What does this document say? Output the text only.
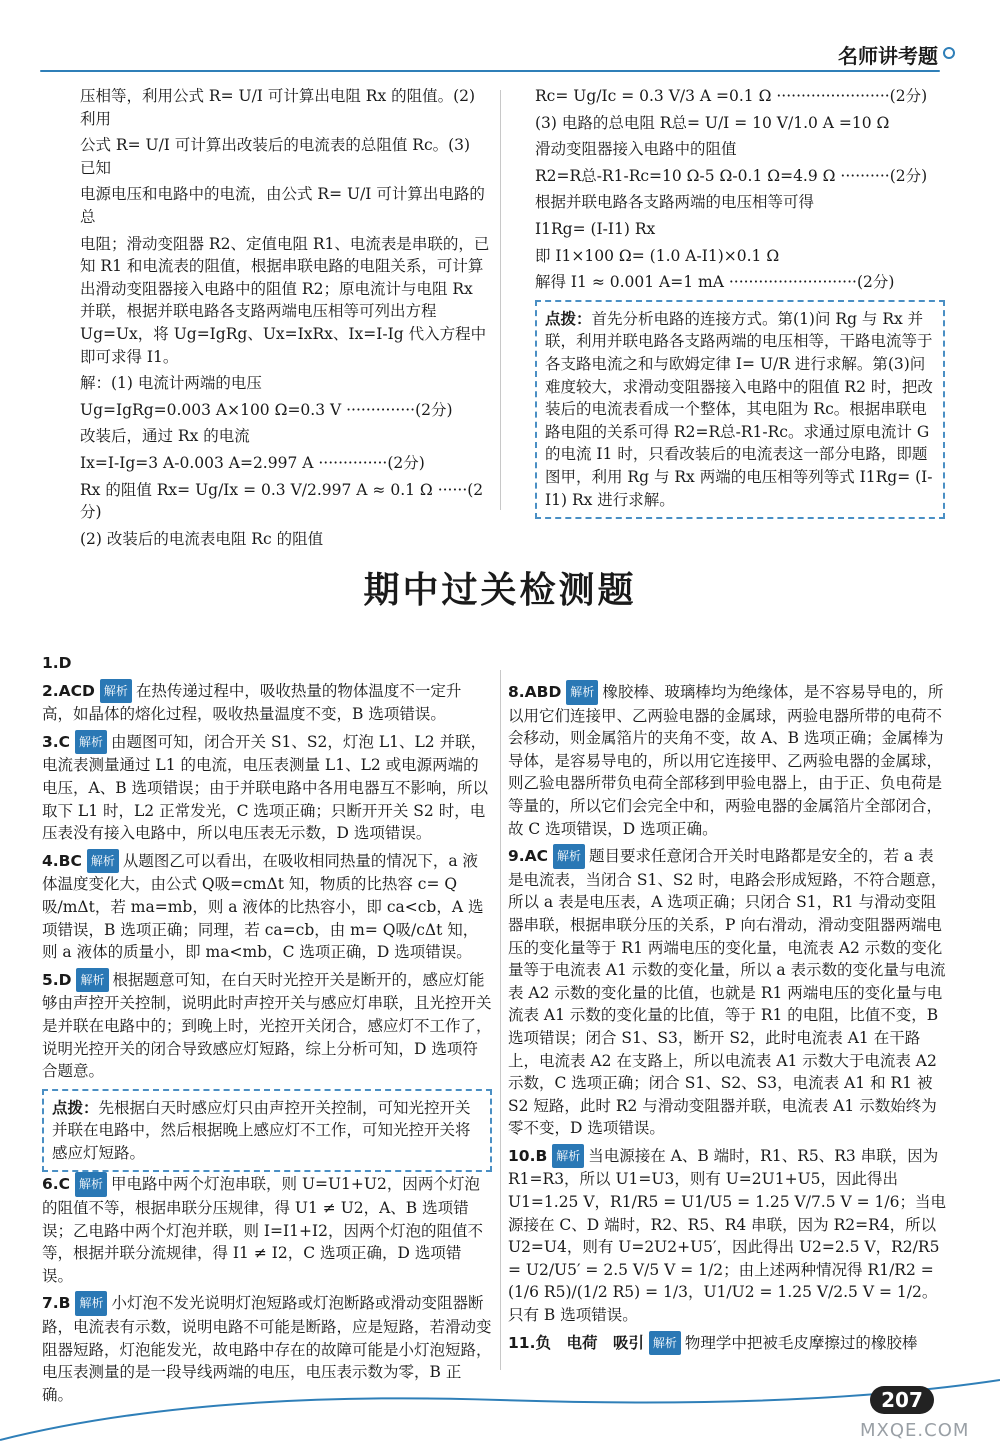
名师讲考题

压相等，利用公式 R= U/I 可计算出电阻 Rx 的阻值。(2) 利用

公式 R= U/I 可计算出改装后的电流表的总阻值 Rc。(3) 已知

电源电压和电路中的电流，由公式 R= U/I 可计算出电路的总

电阻；滑动变阻器 R2、定值电阻 R1、电流表是串联的，已知 R1 和电流表的阻值，根据串联电路的电阻关系，可计算出滑动变阻器接入电路中的阻值 R2；原电流计与电阻 Rx 并联，根据并联电路各支路两端电压相等可列出方程 Ug=Ux，将 Ug=IgRg、Ux=IxRx、Ix=I-Ig 代入方程中即可求得 I1。

解：(1) 电流计两端的电压

Ug=IgRg=0.003 A×100 Ω=0.3 V ··············(2分)

改装后，通过 Rx 的电流

Ix=I-Ig=3 A-0.003 A=2.997 A ··············(2分)

Rx 的阻值 Rx= Ug/Ix = 0.3 V/2.997 A ≈ 0.1 Ω ······(2分)

(2) 改装后的电流表电阻 Rc 的阻值

Rc= Ug/Ic = 0.3 V/3 A =0.1 Ω ·······················(2分)

(3) 电路的总电阻 R总= U/I = 10 V/1.0 A =10 Ω

滑动变阻器接入电路中的阻值

R2=R总-R1-Rc=10 Ω-5 Ω-0.1 Ω=4.9 Ω ··········(2分)

根据并联电路各支路两端的电压相等可得

I1Rg= (I-I1) Rx

即 I1×100 Ω= (1.0 A-I1)×0.1 Ω

解得 I1 ≈ 0.001 A=1 mA ··························(2分)

点拨：首先分析电路的连接方式。第(1)问 Rg 与 Rx 并联，利用并联电路各支路两端的电压相等，干路电流等于各支路电流之和与欧姆定律 I= U/R 进行求解。第(3)问难度较大，求滑动变阻器接入电路中的阻值 R2 时，把改装后的电流表看成一个整体，其电阻为 Rc。根据串联电路电阻的关系可得 R2=R总-R1-Rc。求通过原电流计 G 的电流 I1 时，只看改装后的电流表这一部分电路，即题图甲，利用 Rg 与 Rx 两端的电压相等列等式 I1Rg= (I-I1) Rx 进行求解。
期中过关检测题

1.D

2.ACD 解析 在热传递过程中，吸收热量的物体温度不一定升高，如晶体的熔化过程，吸收热量温度不变，B 选项错误。

3.C 解析 由题图可知，闭合开关 S1、S2，灯泡 L1、L2 并联，电流表测量通过 L1 的电流，电压表测量 L1、L2 或电源两端的电压，A、B 选项错误；由于并联电路中各用电器互不影响，所以取下 L1 时，L2 正常发光，C 选项正确；只断开开关 S2 时，电压表没有接入电路中，所以电压表无示数，D 选项错误。

4.BC 解析 从题图乙可以看出，在吸收相同热量的情况下，a 液体温度变化大，由公式 Q吸=cmΔt 知，物质的比热容 c= Q吸/mΔt，若 ma=mb，则 a 液体的比热容小，即 ca<cb，A 选项错误，B 选项正确；同理，若 ca=cb，由 m= Q吸/cΔt 知，则 a 液体的质量小，即 ma<mb，C 选项正确，D 选项错误。

5.D 解析 根据题意可知，在白天时光控开关是断开的，感应灯能够由声控开关控制，说明此时声控开关与感应灯串联，且光控开关是并联在电路中的；到晚上时，光控开关闭合，感应灯不工作了，说明光控开关的闭合导致感应灯短路，综上分析可知，D 选项符合题意。

点拨：先根据白天时感应灯只由声控开关控制，可知光控开关并联在电路中，然后根据晚上感应灯不工作，可知光控开关将感应灯短路。

6.C 解析 甲电路中两个灯泡串联，则 U=U1+U2，因两个灯泡的阻值不等，根据串联分压规律，得 U1 ≠ U2，A、B 选项错误；乙电路中两个灯泡并联，则 I=I1+I2，因两个灯泡的阻值不等，根据并联分流规律，得 I1 ≠ I2，C 选项正确，D 选项错误。

7.B 解析 小灯泡不发光说明灯泡短路或灯泡断路或滑动变阻器断路，电流表有示数，说明电路不可能是断路，应是短路，若滑动变阻器短路，灯泡能发光，故电路中存在的故障可能是小灯泡短路，电压表测量的是一段导线两端的电压，电压表示数为零，B 正确。

8.ABD 解析 橡胶棒、玻璃棒均为绝缘体，是不容易导电的，所以用它们连接甲、乙两验电器的金属球，两验电器所带的电荷不会移动，则金属箔片的夹角不变，故 A、B 选项正确；金属棒为导体，是容易导电的，所以用它连接甲、乙两验电器的金属球，则乙验电器所带负电荷全部移到甲验电器上，由于正、负电荷是等量的，所以它们会完全中和，两验电器的金属箔片全部闭合，故 C 选项错误，D 选项正确。

9.AC 解析 题目要求任意闭合开关时电路都是安全的，若 a 表是电流表，当闭合 S1、S2 时，电路会形成短路，不符合题意，所以 a 表是电压表，A 选项正确；只闭合 S1，R1 与滑动变阻器串联，根据串联分压的关系，P 向右滑动，滑动变阻器两端电压的变化量等于 R1 两端电压的变化量，电流表 A2 示数的变化量等于电流表 A1 示数的变化量，所以 a 表示数的变化量与电流表 A2 示数的变化量的比值，也就是 R1 两端电压的变化量与电流表 A1 示数的变化量的比值，等于 R1 的电阻，比值不变，B 选项错误；闭合 S1、S3，断开 S2，此时电流表 A1 在干路上，电流表 A2 在支路上，所以电流表 A1 示数大于电流表 A2 示数，C 选项正确；闭合 S1、S2、S3，电流表 A1 和 R1 被 S2 短路，此时 R2 与滑动变阻器并联，电流表 A1 示数始终为零不变，D 选项错误。

10.B 解析 当电源接在 A、B 端时，R1、R5、R3 串联，因为 R1=R3，所以 U1=U3，则有 U=2U1+U5，因此得出 U1=1.25 V，R1/R5 = U1/U5 = 1.25 V/7.5 V = 1/6；当电源接在 C、D 端时，R2、R5、R4 串联，因为 R2=R4，所以 U2=U4，则有 U=2U2+U5′，因此得出 U2=2.5 V，R2/R5 = U2/U5′ = 2.5 V/5 V = 1/2；由上述两种情况得 R1/R2 = (1/6 R5)/(1/2 R5) = 1/3，U1/U2 = 1.25 V/2.5 V = 1/2。只有 B 选项错误。

11.负　电荷　吸引 解析 物理学中把被毛皮摩擦过的橡胶棒

207
MXQE.COM
